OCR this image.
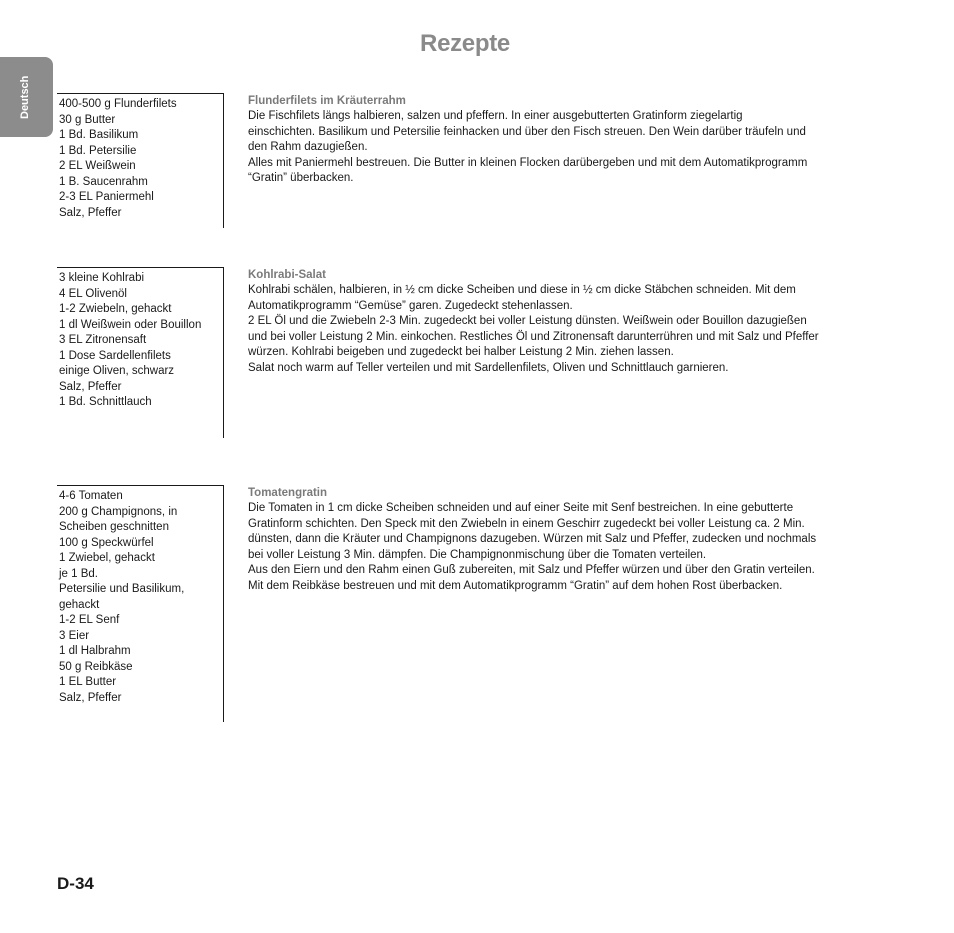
Rezepte
Deutsch	400-500 g Flunderfilets
30 g Butter
1 Bd. Basilikum
1 Bd. Petersilie
2 EL Weißwein
1 B. Saucenrahm
2-3 EL Paniermehl
Salz, Pfeffer
Flunderfilets im Kräuterrahm
Die Fischfilets längs halbieren, salzen und pfeffern. In einer ausgebutterten Gratinform ziegelartig
einschichten. Basilikum und Petersilie feinhacken und über den Fisch streuen. Den Wein darüber träufeln und
den Rahm dazugießen.
Alles mit Paniermehl bestreuen. Die Butter in kleinen Flocken darübergeben und mit dem Automatikprogramm
“Gratin” überbacken.
3 kleine Kohlrabi
4 EL Olivenöl
1-2 Zwiebeln, gehackt
1 dl Weißwein oder Bouillon
3 EL Zitronensaft
1 Dose Sardellenfilets
einige Oliven, schwarz
Salz, Pfeffer
1 Bd. Schnittlauch
Kohlrabi-Salat
Kohlrabi schälen, halbieren, in ½ cm dicke Scheiben und diese in ½ cm dicke Stäbchen schneiden. Mit dem
Automatikprogramm “Gemüse” garen. Zugedeckt stehenlassen.
2 EL Öl und die Zwiebeln 2-3 Min. zugedeckt bei voller Leistung dünsten. Weißwein oder Bouillon dazugießen
und bei voller Leistung 2 Min. einkochen. Restliches Öl und Zitronensaft darunterrühren und mit Salz und Pfeffer
würzen. Kohlrabi beigeben und zugedeckt bei halber Leistung 2 Min. ziehen lassen.
Salat noch warm auf Teller verteilen und mit Sardellenfilets, Oliven und Schnittlauch garnieren.
4-6 Tomaten
200 g Champignons, in
Scheiben geschnitten
100 g Speckwürfel
1 Zwiebel, gehackt
je 1 Bd.
Petersilie und Basilikum,
gehackt
1-2 EL Senf
3 Eier
1 dl Halbrahm
50 g Reibkäse
1 EL Butter
Salz, Pfeffer
Tomatengratin
Die Tomaten in 1 cm dicke Scheiben schneiden und auf einer Seite mit Senf bestreichen. In eine gebutterte
Gratinform schichten. Den Speck mit den Zwiebeln in einem Geschirr zugedeckt bei voller Leistung ca. 2 Min.
dünsten, dann die Kräuter und Champignons dazugeben. Würzen mit Salz und Pfeffer, zudecken und nochmals
bei voller Leistung 3 Min. dämpfen. Die Champignonmischung über die Tomaten verteilen.
Aus den Eiern und den Rahm einen Guß zubereiten, mit Salz und Pfeffer würzen und über den Gratin verteilen.
Mit dem Reibkäse bestreuen und mit dem Automatikprogramm “Gratin” auf dem hohen Rost überbacken.
D-34
